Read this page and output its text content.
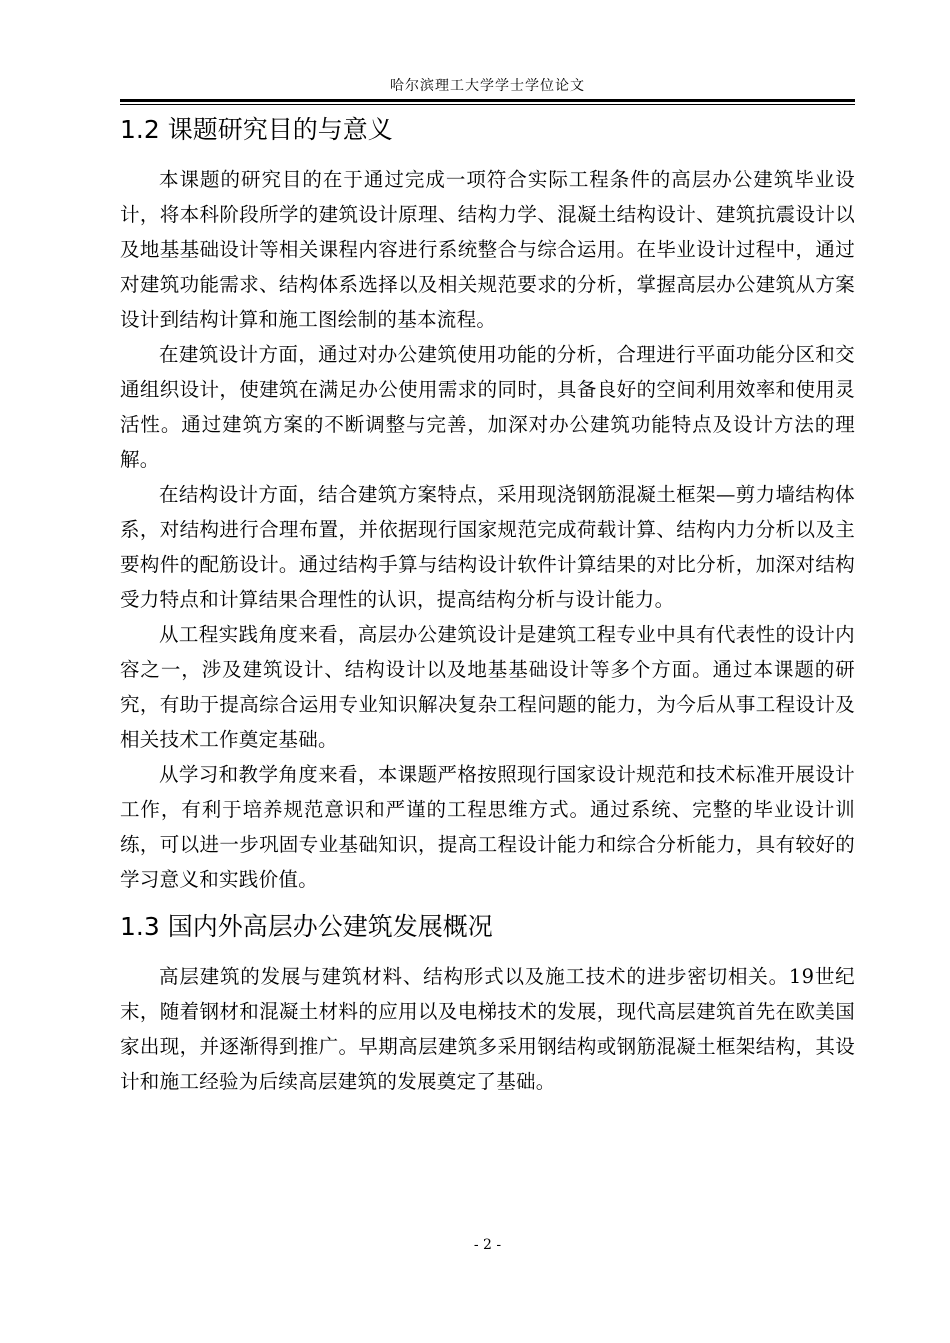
哈尔滨理工大学学士学位论文
1.2 课题研究目的与意义

本课题的研究目的在于通过完成一项符合实际工程条件的高层办公建筑毕业设计，将本科阶段所学的建筑设计原理、结构力学、混凝土结构设计、建筑抗震设计以及地基基础设计等相关课程内容进行系统整合与综合运用。在毕业设计过程中，通过对建筑功能需求、结构体系选择以及相关规范要求的分析，掌握高层办公建筑从方案设计到结构计算和施工图绘制的基本流程。

在建筑设计方面，通过对办公建筑使用功能的分析，合理进行平面功能分区和交通组织设计，使建筑在满足办公使用需求的同时，具备良好的空间利用效率和使用灵活性。通过建筑方案的不断调整与完善，加深对办公建筑功能特点及设计方法的理解。

在结构设计方面，结合建筑方案特点，采用现浇钢筋混凝土框架—剪力墙结构体系，对结构进行合理布置，并依据现行国家规范完成荷载计算、结构内力分析以及主要构件的配筋设计。通过结构手算与结构设计软件计算结果的对比分析，加深对结构受力特点和计算结果合理性的认识，提高结构分析与设计能力。

从工程实践角度来看，高层办公建筑设计是建筑工程专业中具有代表性的设计内容之一，涉及建筑设计、结构设计以及地基基础设计等多个方面。通过本课题的研究，有助于提高综合运用专业知识解决复杂工程问题的能力，为今后从事工程设计及相关技术工作奠定基础。

从学习和教学角度来看，本课题严格按照现行国家设计规范和技术标准开展设计工作，有利于培养规范意识和严谨的工程思维方式。通过系统、完整的毕业设计训练，可以进一步巩固专业基础知识，提高工程设计能力和综合分析能力，具有较好的学习意义和实践价值。

1.3 国内外高层办公建筑发展概况

高层建筑的发展与建筑材料、结构形式以及施工技术的进步密切相关。19世纪末，随着钢材和混凝土材料的应用以及电梯技术的发展，现代高层建筑首先在欧美国家出现，并逐渐得到推广。早期高层建筑多采用钢结构或钢筋混凝土框架结构，其设计和施工经验为后续高层建筑的发展奠定了基础。

- 2 -
